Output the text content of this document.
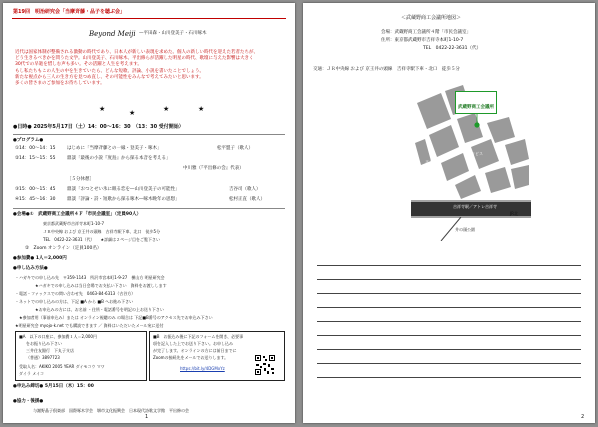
第19回　明治研究会「当摩斉藤・品子を聴ぶ会」
Beyond Meiji —平田森・山川登美子・石川啄木
近代は国家体制が整備される激動の時代であり、日本人が新しい表現を求めた。個人の新しい時代を迎えた若者たちが、
どう生きるべきかを問うた文学。山川登美子、石川啄木、平出修らが活躍した明星の時代、歌壇に与えた影響は大きく
30代での早逝を惜しむ声も多い。その活躍と人生を考えます。
もし私たちもこの人生の中を生きていたら、どんな短歌、評論、小説を書いたことでしょう。
新たな視点から三人の生き方を見つめ直し、その可能性をみんなで考えてみたいと思います。
多くの皆さまのご参加をお待ちしています。
★	★	★	★
●日時● 2025年5月17日（土）14：00～16：30　（13：30 受付開始）
●プログラム●
①14：00～14：15	はじめに「当摩斉藤との一縁・登美子・啄木」	松平盟子（歌人）
②14：15～15：55	鼎談「最後の小説『度島』から探る本音を考える」
中川雅（『平出修の会』代表）
［５分休憩］
③15：00～15：45	鼎談「おつとせい氷に眠る恋を―山川登美子の可能性」	吉谷司（歌人）
④15：45～16：30	鼎談「評論・詩・短歌から探る啄木―啄木晩年の思想」	松村正直（歌人）
●会場●①　武蔵野商工会議所４Ｆ「市民会議室」（定員90人）
東京都武蔵野市吉祥寺本町1-10-7
ＪＲ中央線 および 京王井の頭線　吉祥寺駅下車、北口　徒歩5分
TEL　0422-22-3631（代）　　★詳細は２ページ目をご覧下さい
②　Zoom オンライン（定員100名）
●参加費● 1人＝2,000円
●申し込み方法●
・ハガキでの申し込み先　〒359-1143　所沢市宮本町1-9-27　横山方 明星研究会
　　　　　★ハガキでの申し込みは当日会場でお支払い下さい　資料をお渡しします
・電話・ファックスでの問い合わせ先　0463-84-6313（吉谷方）
・ネットでの申し込みの方は、下記 ■A から ■B へお進み下さい
　　　　　★お申込みの方には、お名前 ・住所・電話番号を明記の上お送り下さい
　★参加者用（事前申込み）または オンライン視聴のみ の場合は 下記■B番号のアクセス先でお申込み下さい
★明星研究会 myojo-k.net でも購読できます ／ 資料はいただいたメール宛に送付
■A　以下の口座に、参加費１人＝2,000円
をお振り込み下さい
三井住友銀行　下丸子支店
（普通）3897723
受取人名：AKIKO 2005 YEAR ダイモコウ マワ
ダイラ メイコ
■B　お振込み後に下記のフォームを開き、必要事
項を記入した上でお送り下さい。お申し込み
が完了します。オンラインの方には前日までに
Zoomの接続先をメールでお送りします。
https://bit.ly/4DGMxYz
●申込み締切● 5月15日（木）15：00
●協力・後援●
与謝野晶子倶楽部　国際啄木学会　堺市文化振興会　日本現代詩歌文学館　平出修の会
1
＜武蔵野商工会議所地図＞
会場：武蔵野商工会議所４階「市民会議室」
住所：東京都武蔵野市吉祥寺本町1-10-7
TEL　0422-22-3631（代）
交通：ＪＲ中央線 および 京王井の頭線　吉祥寺駅下車・北口　徒歩５分
武蔵野商工会議所
コピス	東急
ヨドバシ
吉祥寺駅／アトレ吉祥寺
JR北
井の頭公園
2
